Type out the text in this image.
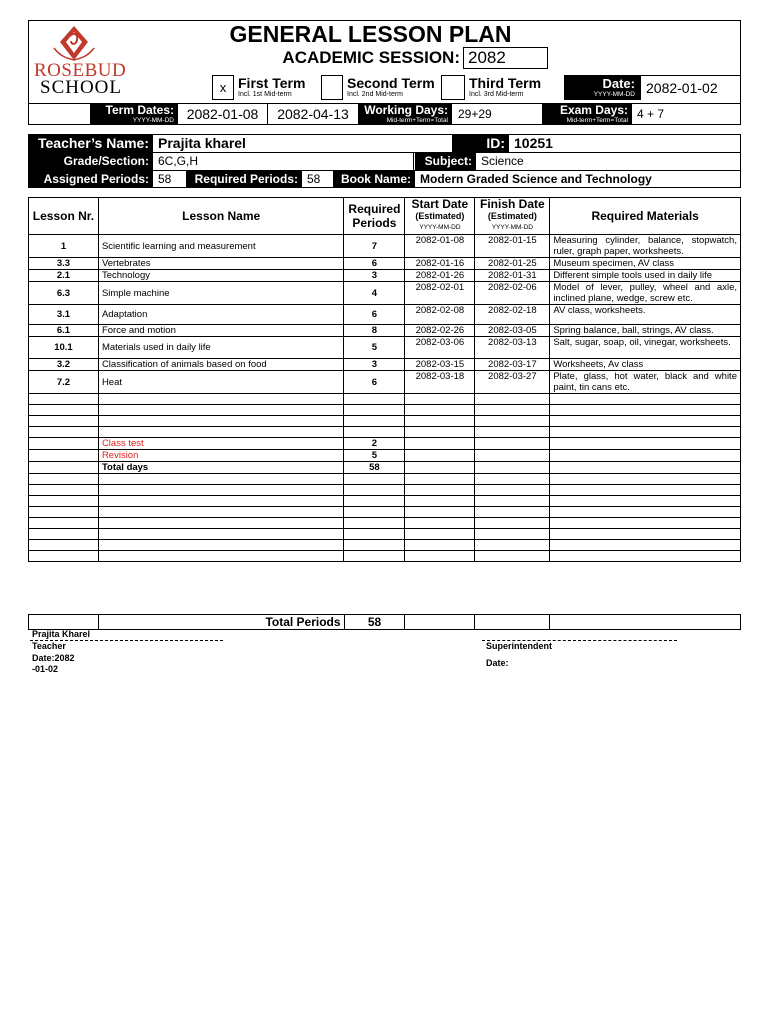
ROSEBUD
SCHOOL
GENERAL LESSON PLAN
ACADEMIC SESSION: 2082
x First Term
Incl. 1st Mid-term
Second Term
Incl. 2nd Mid-term
Third Term
Incl. 3rd Mid-term
Date:
YYYY-MM-DD 2082-01-02
Term Dates:
YYYY-MM-DD 2082-01-08	2082-04-13	Working Days:
Mid-term+Term=Total 29+29	Exam Days:
Mid-term+Term=Total 4 + 7
Teacher’s Name: Prajita kharel	ID: 10251
Grade/Section: 6C,G,H	Subject: Science
Assigned Periods: 58	Required Periods: 58	Book Name: Modern Graded Science and Technology
Lesson Nr.	Lesson Name	Required
Periods	Start Date
(Estimated)
YYYY-MM-DD	Finish Date
(Estimated)
YYYY-MM-DD	Required Materials
1	Scientific learning and measurement	7	2082-01-08	2082-01-15	Measuring cylinder, balance, stopwatch, ruler, graph paper, worksheets.
3.3	Vertebrates	6	2082-01-16	2082-01-25	Museum specimen, AV class
2.1	Technology	3	2082-01-26	2082-01-31	Different simple tools used in daily life
6.3	Simple machine	4	2082-02-01	2082-02-06	Model of lever, pulley, wheel and axle, inclined plane, wedge, screw etc.
3.1	Adaptation	6	2082-02-08	2082-02-18	AV class, worksheets.
6.1	Force and motion	8	2082-02-26	2082-03-05	Spring balance, ball, strings, AV class.
10.1	Materials used in daily life	5	2082-03-06	2082-03-13	Salt, sugar, soap, oil, vinegar, worksheets.
3.2	Classification of animals based on food	3	2082-03-15	2082-03-17	Worksheets, Av class
7.2	Heat	6	2082-03-18	2082-03-27	Plate, glass, hot water, black and white paint, tin cans etc.

	Class test	2			
	Revision	5			
	Total days	58			

	Total Periods	58			
Prajita Kharel
Teacher
Date:2082
-01-02
Superintendent
Date:
